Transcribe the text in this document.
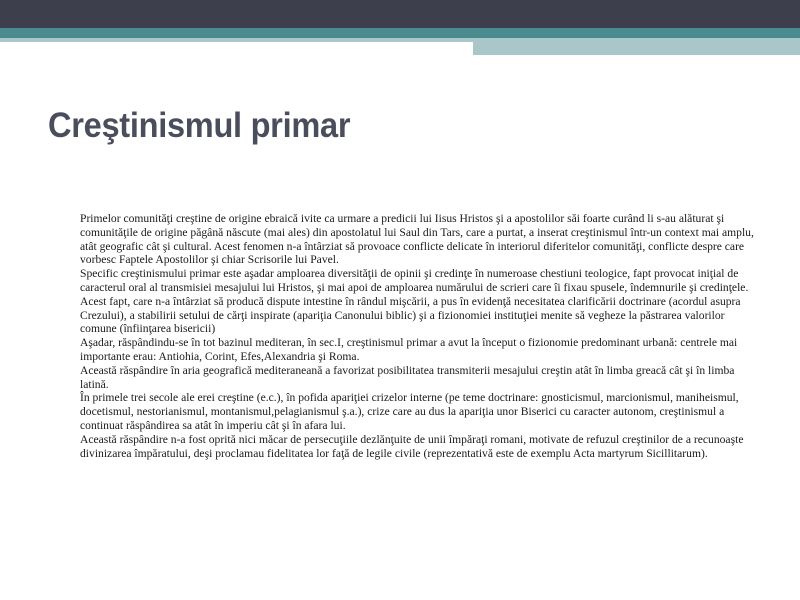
Creştinismul primar

Primelor comunităţi creştine de origine ebraică ivite ca urmare a predicii lui Iisus Hristos şi a apostolilor săi foarte curând li s-au alăturat şi comunităţile de origine păgână născute (mai ales) din apostolatul lui Saul din Tars, care a purtat, a inserat creştinismul într-un context mai amplu, atât geografic cât şi cultural. Acest fenomen n-a întârziat să provoace conflicte delicate în interiorul diferitelor comunităţi, conflicte despre care vorbesc Faptele Apostolilor şi chiar Scrisorile lui Pavel.

Specific creştinismului primar este aşadar amploarea diversităţii de opinii şi credinţe în numeroase chestiuni teologice, fapt provocat iniţial de caracterul oral al transmisiei mesajului lui Hristos, şi mai apoi de amploarea numărului de scrieri care îi fixau spusele, îndemnurile şi credinţele. Acest fapt, care n-a întârziat să producă dispute intestine în rândul mişcării, a pus în evidenţă necesitatea clarificării doctrinare (acordul asupra Crezului), a stabilirii setului de cărţi inspirate (apariţia Canonului biblic) şi a fizionomiei instituţiei menite să vegheze la păstrarea valorilor comune (înfiinţarea bisericii)

Aşadar, răspândindu-se în tot bazinul mediteran, în sec.I, creştinismul primar a avut la început o fizionomie predominant urbană: centrele mai importante erau: Antiohia, Corint, Efes,Alexandria şi Roma.

Această răspândire în aria geografică mediteraneană a favorizat posibilitatea transmiterii mesajului creştin atât în limba greacă cât şi în limba latină.

În primele trei secole ale erei creştine (e.c.), în pofida apariţiei crizelor interne (pe teme doctrinare: gnosticismul, marcionismul, maniheismul, docetismul, nestorianismul, montanismul,pelagianismul ş.a.), crize care au dus la apariţia unor Biserici cu caracter autonom, creştinismul a continuat răspândirea sa atât în imperiu cât şi în afara lui.

Această răspândire n-a fost oprită nici măcar de persecuţiile dezlănţuite de unii împăraţi romani, motivate de refuzul creştinilor de a recunoaşte divinizarea împăratului, deşi proclamau fidelitatea lor faţă de legile civile (reprezentativă este de exemplu Acta martyrum Sicillitarum).
